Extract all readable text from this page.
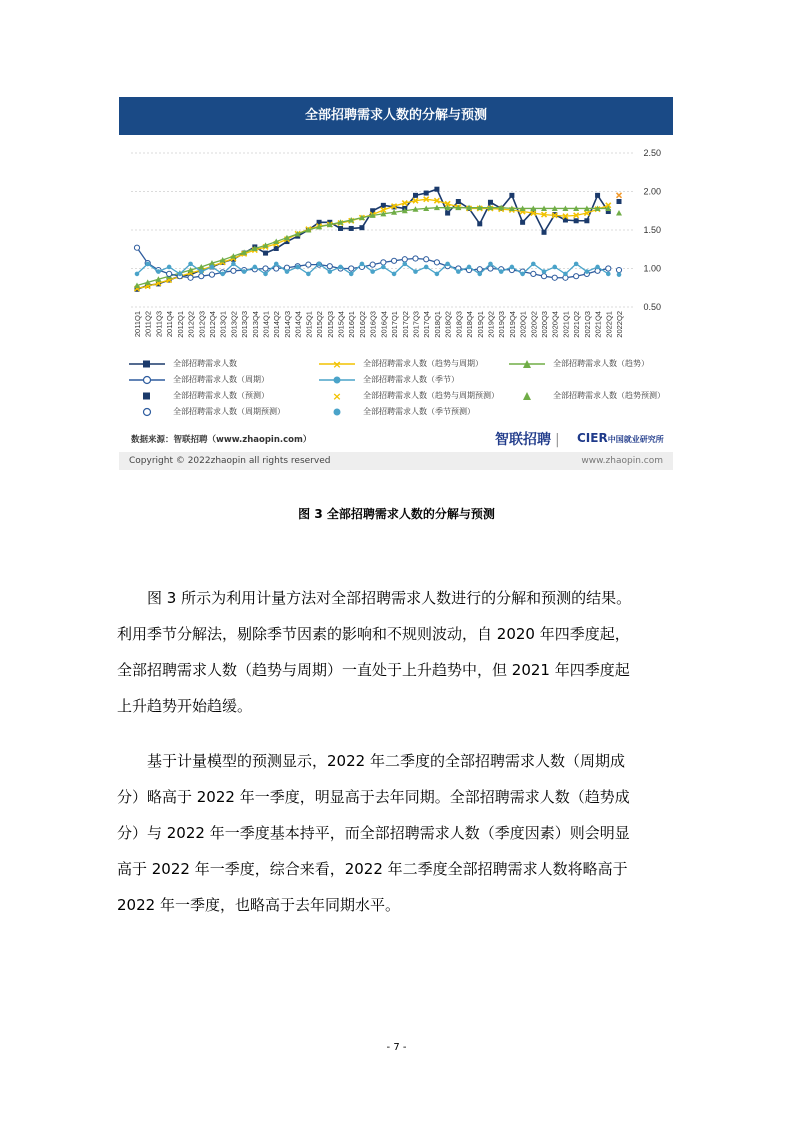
全部招聘需求人数的分解与预测
0.50
1.00
1.50
2.00
2.50
2011Q1 2011Q2 2011Q3 2011Q4 2012Q1 2012Q2 2012Q3 2012Q4 2013Q1 2013Q2 2013Q3 2013Q4 2014Q1 2014Q2 2014Q3 2014Q4 2015Q1 2015Q2 2015Q3 2015Q4 2016Q1 2016Q2 2016Q3 2016Q4 2017Q1 2017Q2 2017Q3 2017Q4 2018Q1 2018Q2 2018Q3 2018Q4 2019Q1 2019Q2 2019Q3 2019Q4 2020Q1 2020Q2 2020Q3 2020Q4 2021Q1 2021Q2 2021Q3 2021Q4 2022Q1 2022Q2
全部招聘需求人数	×	全部招聘需求人数（趋势与周期）	全部招聘需求人数（趋势）
全部招聘需求人数（周期）	全部招聘需求人数（季节）
全部招聘需求人数（预测）	×	全部招聘需求人数（趋势与周期预测）	全部招聘需求人数（趋势预测）
全部招聘需求人数（周期预测）	全部招聘需求人数（季节预测）
数据来源：智联招聘（www.zhaopin.com）	智联招聘 |	CIER中国就业研究所
Copyright © 2022zhaopin all rights reserved	www.zhaopin.com
图 3 全部招聘需求人数的分解与预测

图 3 所示为利用计量方法对全部招聘需求人数进行的分解和预测的结果。
利用季节分解法，剔除季节因素的影响和不规则波动，自 2020 年四季度起，
全部招聘需求人数（趋势与周期）一直处于上升趋势中，但 2021 年四季度起
上升趋势开始趋缓。

基于计量模型的预测显示，2022 年二季度的全部招聘需求人数（周期成
分）略高于 2022 年一季度，明显高于去年同期。全部招聘需求人数（趋势成
分）与 2022 年一季度基本持平，而全部招聘需求人数（季度因素）则会明显
高于 2022 年一季度，综合来看，2022 年二季度全部招聘需求人数将略高于
2022 年一季度，也略高于去年同期水平。

- 7 -
